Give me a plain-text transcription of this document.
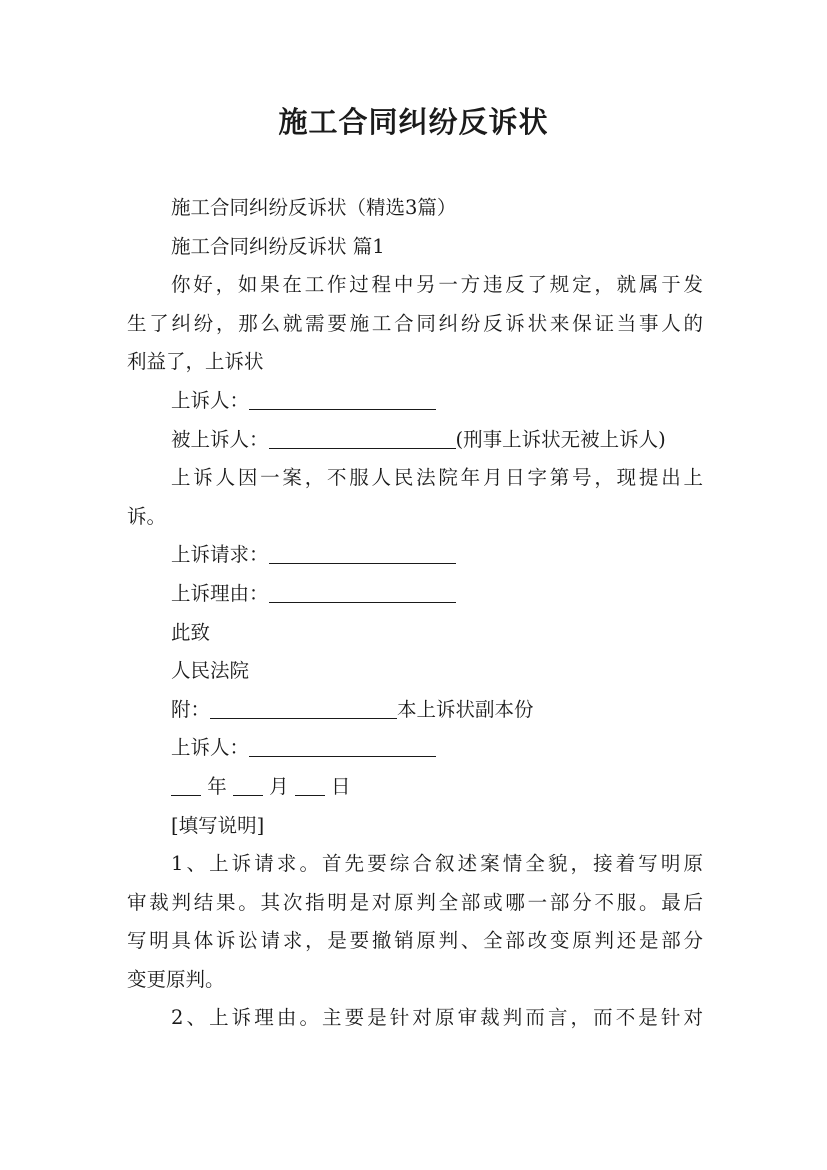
施工合同纠纷反诉状
施工合同纠纷反诉状（精选3篇）
施工合同纠纷反诉状 篇1
你好，如果在工作过程中另一方违反了规定，就属于发
生了纠纷，那么就需要施工合同纠纷反诉状来保证当事人的
利益了，上诉状
上诉人：
被上诉人：	(刑事上诉状无被上诉人)
上诉人因一案，不服人民法院年月日字第号，现提出上
诉。
上诉请求：
上诉理由：
此致
人民法院
附：	本上诉状副本份
上诉人：
年 月 日
[填写说明]
1、上诉请求。首先要综合叙述案情全貌，接着写明原
审裁判结果。其次指明是对原判全部或哪一部分不服。最后
写明具体诉讼请求，是要撤销原判、全部改变原判还是部分
变更原判。
2、上诉理由。主要是针对原审裁判而言，而不是针对
